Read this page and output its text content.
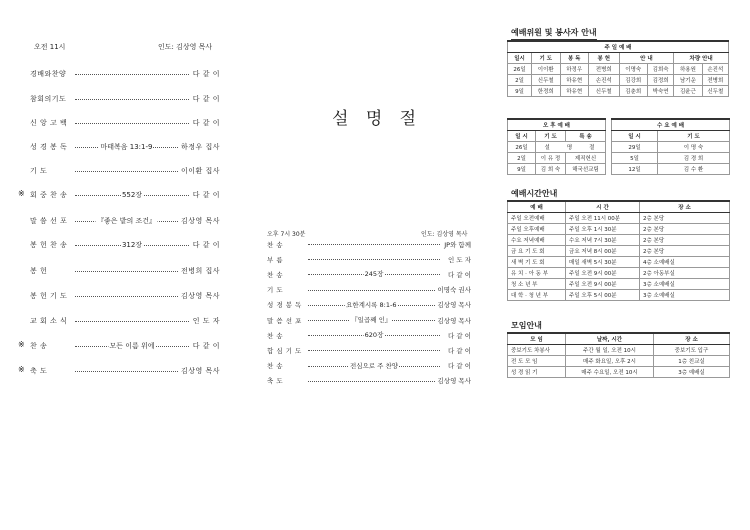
오전 11시	인도: 김상영 목사
경배와찬양	다 같 이
참회의기도	다 같 이
신 앙 고 백	다 같 이
성 경 봉 독	마태복음 13:1-9	하정우 집사
기 도	이이환 집사
※ 회 중 찬 송	552장	다 같 이
말 씀 선 포	『좋은 밭의 조건』	김상영 목사
봉 헌 찬 송	312장	다 같 이
봉 헌	전병희 집사
봉 헌 기 도	김상영 목사
교 회 소 식	인 도 자
※ 찬 송	모든 이름 위에	다 같 이
※ 축 도	김상영 목사
설 명 절
오후 7시 30분	인도: 김상영 목사
찬 송	JP와 함께
부 름	인 도 자
찬 송	245장	다 같 이
기 도	이명숙 권사
성 경 봉 독	요한계시록 8:1-6	김상영 목사
말 씀 선 포	『일곱째 인』	김상영 목사
찬 송	620장	다 같 이
합 심 기 도	다 같 이
찬 송	전심으로 주 찬양	다 같 이
축 도	김상영 목사
예배위원 및 봉사자 안내
주 일 예 배							
일시	기 도	봉 독	봉 헌	안 내		차량 안내	
26일	이이환	하정우	전병희	이명숙	김희숙	하용원	손진석
2일	신두철	하유현	손진석	김강희	김정희	남기운	전병희
9일	한정희	하유현	신두철	김춘희	박숙연	김윤근	신두철
오 후 예 배				수 요 예 배	
일 시	기 도	특 송		일 시	기 도
26일	설 명 절			29일	이 명 숙
2일	이 유 정	제직헌신		5일	김 경 희
9일	김 희 숙	해국선교팀		12일	김 수 환
예배시간안내
예 배	시 간	장 소
주일 오전예배	주일 오전 11시 00분	2층 본당
주일 오후예배	주일 오후 1시 30분	2층 본당
수요 저녁예배	수요 저녁 7시 30분	2층 본당
금 요 기 도 회	금요 저녁 8시 00분	2층 본당
새 벽 기 도 회	매일 새벽 5시 30분	4층 소예배실
유 치 · 아 동 부	주일 오전 9시 00분	2층 아동부실
청 소 년 부	주일 오전 9시 00분	3층 소예배실
대 학 · 청 년 부	주일 오후 5시 00분	3층 소예배실
모임안내
모 임	날짜, 시간	장 소
중보기도 차봉사	주간 월 일, 오전 10시	중보기도 입구
전 도 모 임	매주 화요일, 오후 2시	1층 친교실
성 경 읽 기	매주 수요일, 오전 10시	3층 예배실
